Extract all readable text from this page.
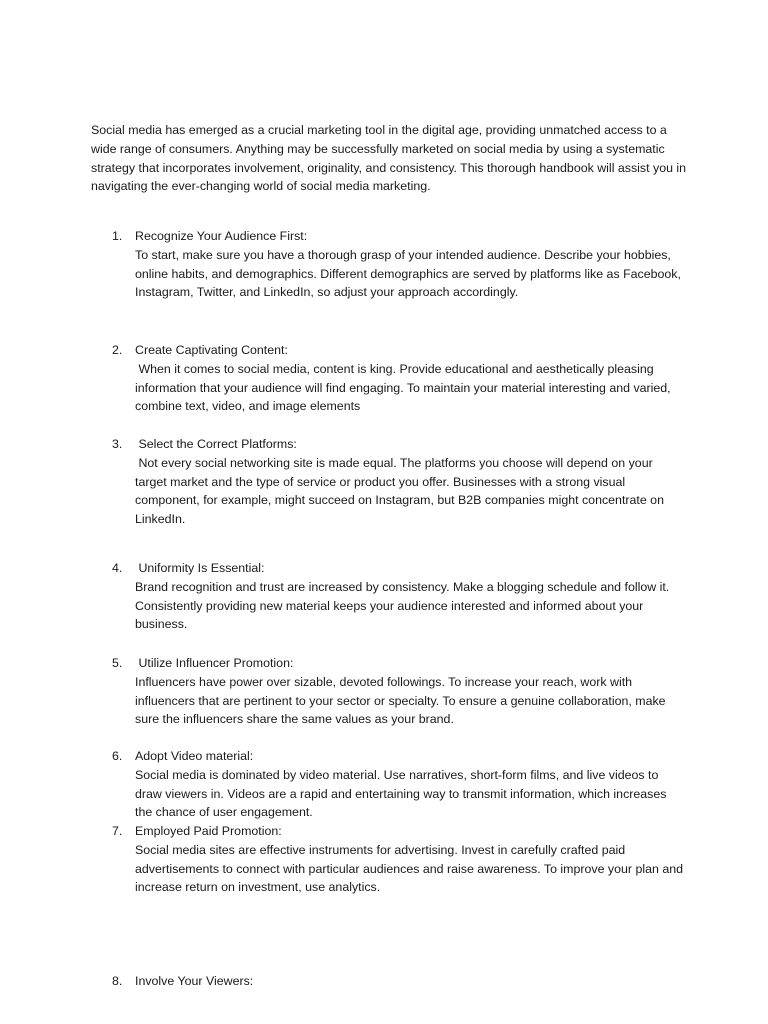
Social media has emerged as a crucial marketing tool in the digital age, providing unmatched access to a wide range of consumers. Anything may be successfully marketed on social media by using a systematic strategy that incorporates involvement, originality, and consistency. This thorough handbook will assist you in navigating the ever-changing world of social media marketing.

1. Recognize Your Audience First:
To start, make sure you have a thorough grasp of your intended audience. Describe your hobbies, online habits, and demographics. Different demographics are served by platforms like as Facebook, Instagram, Twitter, and LinkedIn, so adjust your approach accordingly.
2. Create Captivating Content:
When it comes to social media, content is king. Provide educational and aesthetically pleasing information that your audience will find engaging. To maintain your material interesting and varied, combine text, video, and image elements
3. Select the Correct Platforms:
Not every social networking site is made equal. The platforms you choose will depend on your target market and the type of service or product you offer. Businesses with a strong visual component, for example, might succeed on Instagram, but B2B companies might concentrate on LinkedIn.
4. Uniformity Is Essential:
Brand recognition and trust are increased by consistency. Make a blogging schedule and follow it. Consistently providing new material keeps your audience interested and informed about your business.
5. Utilize Influencer Promotion:
Influencers have power over sizable, devoted followings. To increase your reach, work with influencers that are pertinent to your sector or specialty. To ensure a genuine collaboration, make sure the influencers share the same values as your brand.
6. Adopt Video material:
Social media is dominated by video material. Use narratives, short-form films, and live videos to draw viewers in. Videos are a rapid and entertaining way to transmit information, which increases the chance of user engagement.
7. Employed Paid Promotion:
Social media sites are effective instruments for advertising. Invest in carefully crafted paid advertisements to connect with particular audiences and raise awareness. To improve your plan and increase return on investment, use analytics.
8. Involve Your Viewers:
